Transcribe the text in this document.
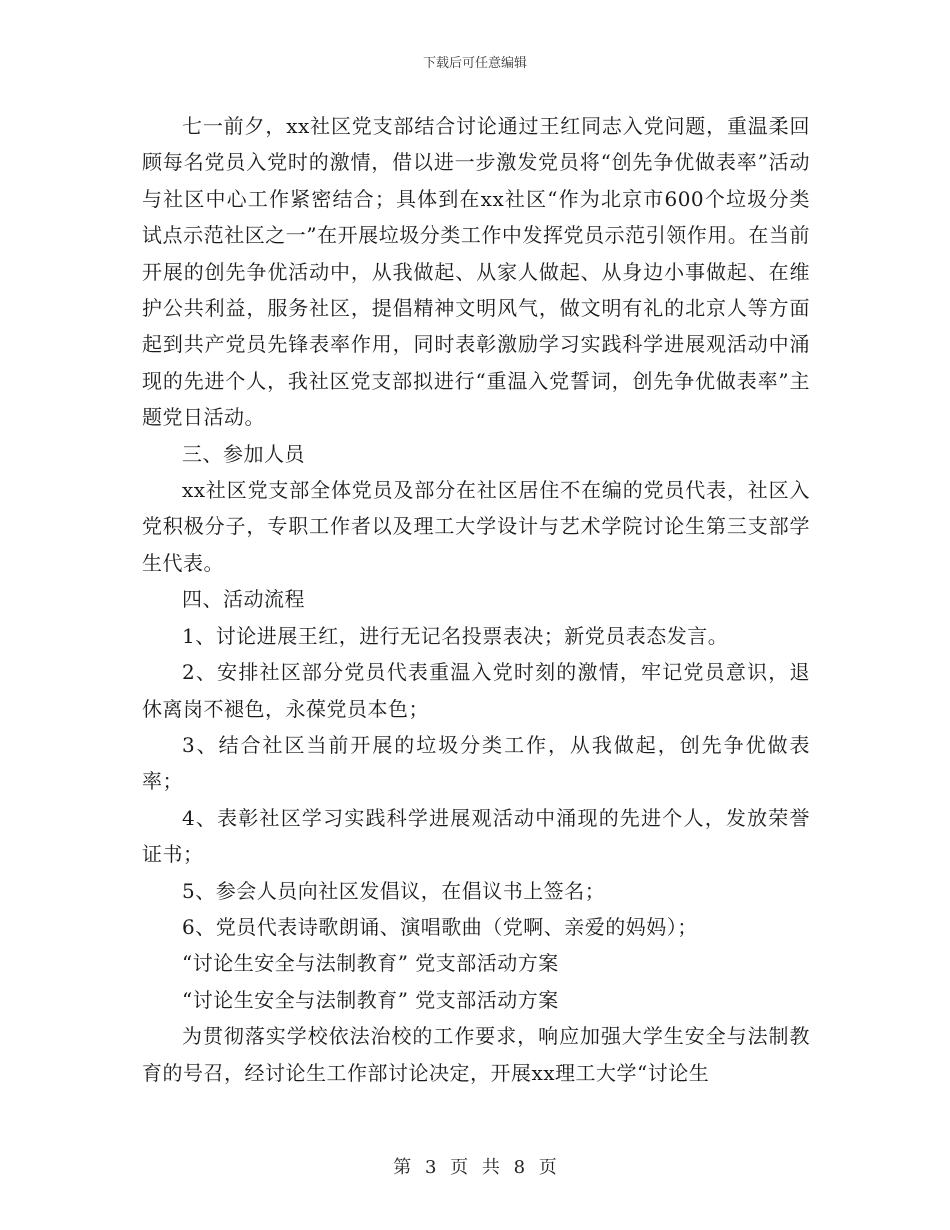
下载后可任意编辑

七一前夕，xx社区党支部结合讨论通过王红同志入党问题，重温柔回顾每名党员入党时的激情，借以进一步激发党员将“创先争优做表率”活动与社区中心工作紧密结合；具体到在xx社区“作为北京市600个垃圾分类试点示范社区之一”在开展垃圾分类工作中发挥党员示范引领作用。在当前开展的创先争优活动中，从我做起、从家人做起、从身边小事做起、在维护公共利益，服务社区，提倡精神文明风气，做文明有礼的北京人等方面起到共产党员先锋表率作用，同时表彰激励学习实践科学进展观活动中涌现的先进个人，我社区党支部拟进行“重温入党誓词，创先争优做表率”主题党日活动。

三、参加人员

xx社区党支部全体党员及部分在社区居住不在编的党员代表，社区入党积极分子，专职工作者以及理工大学设计与艺术学院讨论生第三支部学生代表。

四、活动流程

1、讨论进展王红，进行无记名投票表决；新党员表态发言。

2、安排社区部分党员代表重温入党时刻的激情，牢记党员意识，退休离岗不褪色，永葆党员本色；

3、结合社区当前开展的垃圾分类工作，从我做起，创先争优做表率；

4、表彰社区学习实践科学进展观活动中涌现的先进个人，发放荣誉证书；

5、参会人员向社区发倡议，在倡议书上签名；

6、党员代表诗歌朗诵、演唱歌曲（党啊、亲爱的妈妈）；

“讨论生安全与法制教育” 党支部活动方案

“讨论生安全与法制教育” 党支部活动方案

为贯彻落实学校依法治校的工作要求，响应加强大学生安全与法制教育的号召，经讨论生工作部讨论决定，开展xx理工大学“讨论生

第 3 页 共 8 页
